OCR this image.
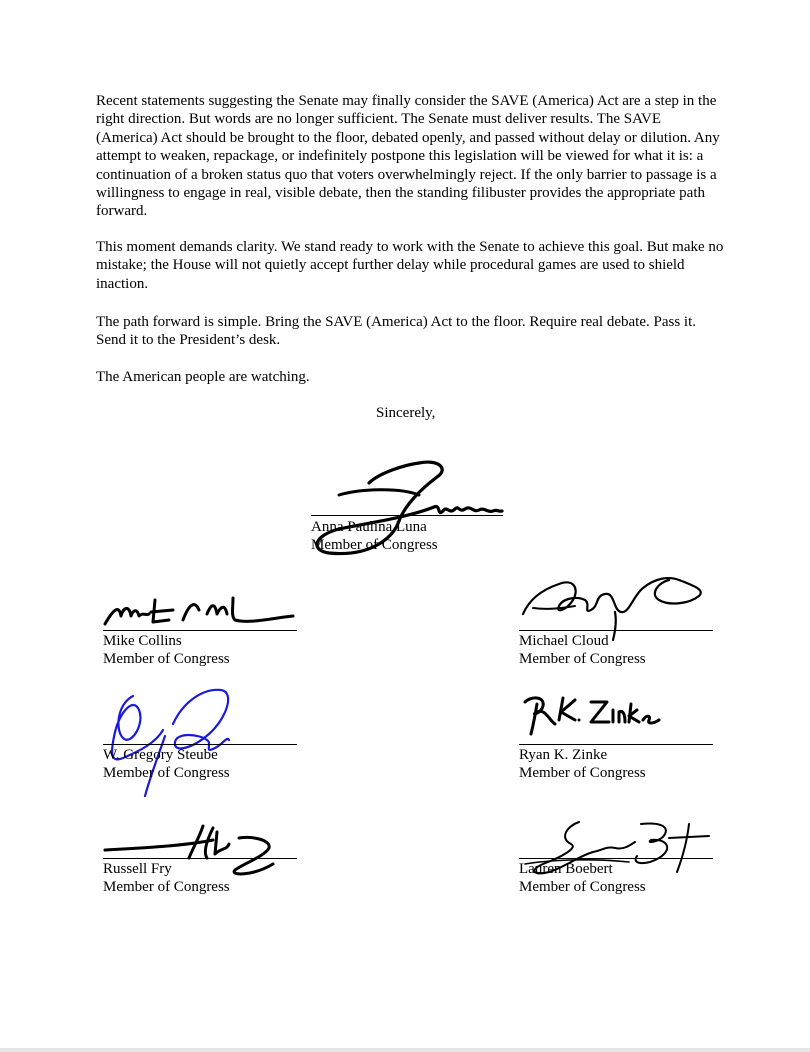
Recent statements suggesting the Senate may finally consider the SAVE (America) Act are a step in the right direction. But words are no longer sufficient. The Senate must deliver results. The SAVE (America) Act should be brought to the floor, debated openly, and passed without delay or dilution. Any attempt to weaken, repackage, or indefinitely postpone this legislation will be viewed for what it is: a continuation of a broken status quo that voters overwhelmingly reject. If the only barrier to passage is a willingness to engage in real, visible debate, then the standing filibuster provides the appropriate path forward.

This moment demands clarity. We stand ready to work with the Senate to achieve this goal. But make no mistake; the House will not quietly accept further delay while procedural games are used to shield inaction.

The path forward is simple. Bring the SAVE (America) Act to the floor. Require real debate. Pass it. Send it to the President’s desk.

The American people are watching.

Sincerely,
Anna Paulina Luna
Member of Congress
Mike Collins
Member of Congress
Michael Cloud
Member of Congress
W. Gregory Steube
Member of Congress
Ryan K. Zinke
Member of Congress
Russell Fry
Member of Congress
Lauren Boebert
Member of Congress
